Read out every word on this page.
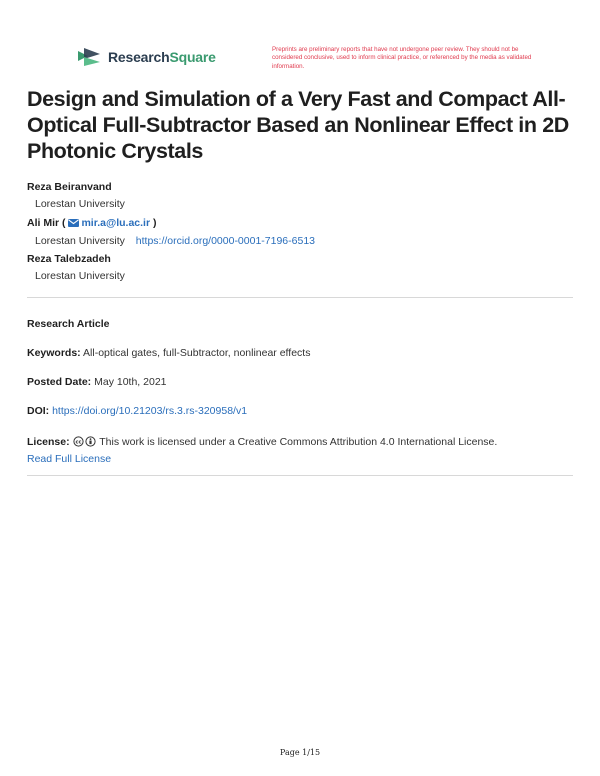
ResearchSquare	Preprints are preliminary reports that have not undergone peer review. They should not be considered conclusive, used to inform clinical practice, or referenced by the media as validated information.
Design and Simulation of a Very Fast and Compact All-Optical Full-Subtractor Based an Nonlinear Effect in 2D Photonic Crystals
Reza Beiranvand
Lorestan University
Ali Mir ( mir.a@lu.ac.ir )
Lorestan University https://orcid.org/0000-0001-7196-6513
Reza Talebzadeh
Lorestan University
Research Article
Keywords: All-optical gates, full-Subtractor, nonlinear effects
Posted Date: May 10th, 2021
DOI: https://doi.org/10.21203/rs.3.rs-320958/v1
License: cc This work is licensed under a Creative Commons Attribution 4.0 International License.
Read Full License
Page 1/15
